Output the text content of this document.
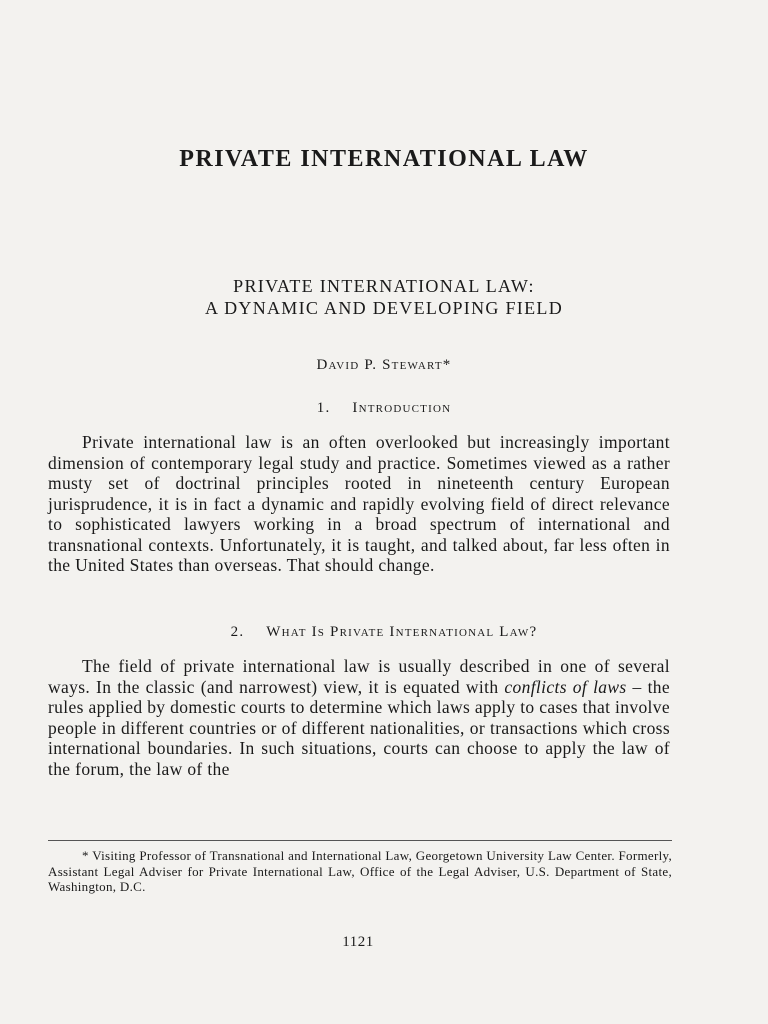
PRIVATE INTERNATIONAL LAW
PRIVATE INTERNATIONAL LAW:
A DYNAMIC AND DEVELOPING FIELD
David P. Stewart*
1. Introduction
Private international law is an often overlooked but increasingly important dimension of contemporary legal study and practice. Sometimes viewed as a rather musty set of doctrinal principles rooted in nineteenth century European jurisprudence, it is in fact a dynamic and rapidly evolving field of direct relevance to sophisticated lawyers working in a broad spectrum of international and transnational contexts. Unfortunately, it is taught, and talked about, far less often in the United States than overseas. That should change.
2. What Is Private International Law?
The field of private international law is usually described in one of several ways. In the classic (and narrowest) view, it is equated with conflicts of laws – the rules applied by domestic courts to determine which laws apply to cases that involve people in different countries or of different nationalities, or transactions which cross international boundaries. In such situations, courts can choose to apply the law of the forum, the law of the
* Visiting Professor of Transnational and International Law, Georgetown University Law Center. Formerly, Assistant Legal Adviser for Private International Law, Office of the Legal Adviser, U.S. Department of State, Washington, D.C.
1121
